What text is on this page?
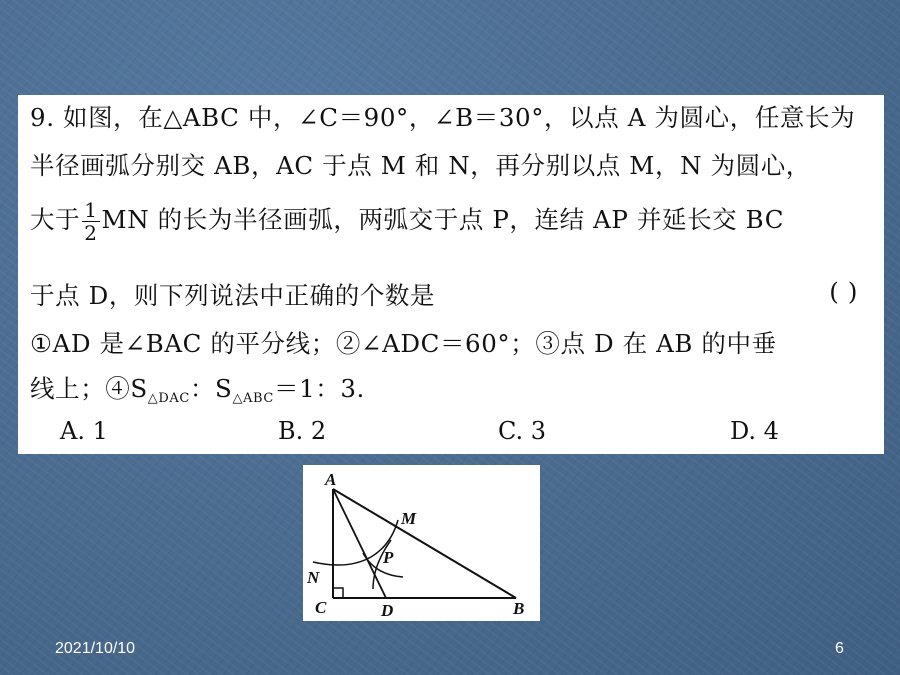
9. 如图，在△ABC 中，∠C＝90°，∠B＝30°，以点 A 为圆心，任意长为
半径画弧分别交 AB，AC 于点 M 和 N，再分别以点 M，N 为圆心，
大于 $\frac{1}{2}$ MN 的长为半径画弧，两弧交于点 P，连结 AP 并延长交 BC
于点 D，则下列说法中正确的个数是	( )
①AD 是∠BAC 的平分线；②∠ADC＝60°；③点 D 在 AB 的中垂
线上；$④S_{\triangle DAC}$：$S_{\triangle ABC}=1$：3.
A. 1	B. 2	C. 3	D. 4
A
M
P
N
C	D	B
2021/10/10	6
